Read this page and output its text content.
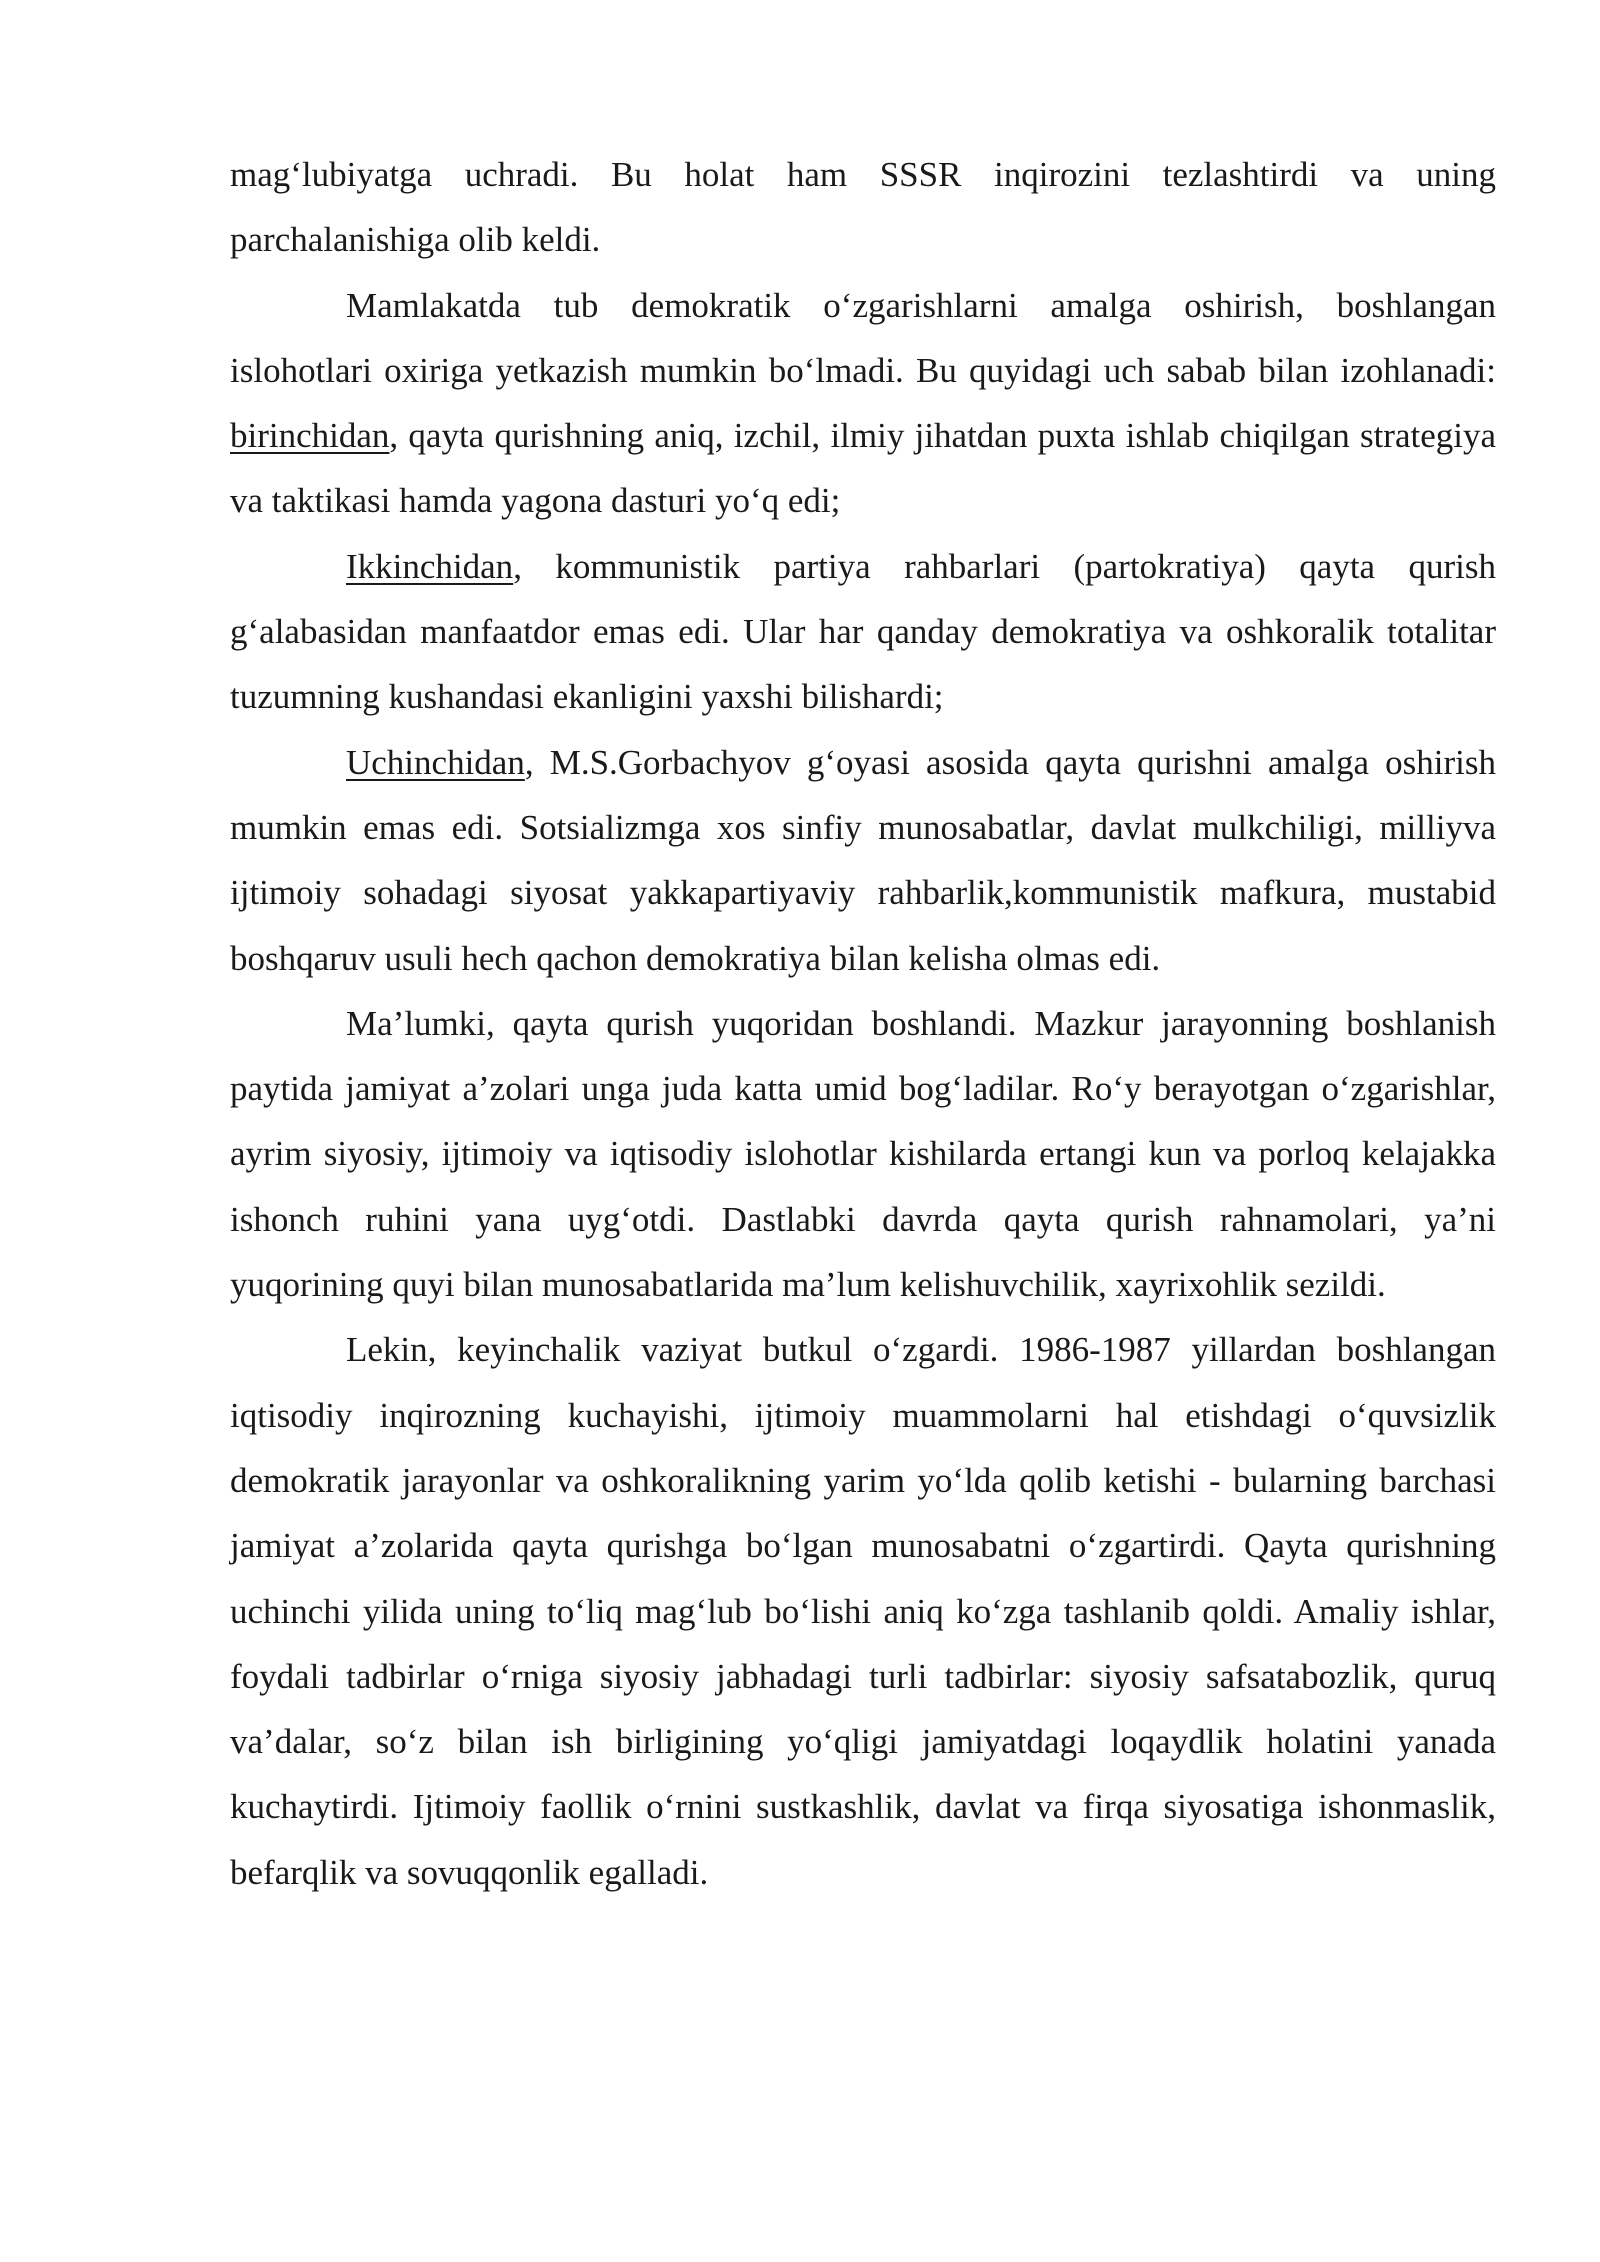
mag‘lubiyatga uchradi. Bu holat ham SSSR inqirozini tezlashtirdi va uning parchalanishiga olib keldi.

Mamlakatda tub demokratik o‘zgarishlarni amalga oshirish, boshlangan islohotlari oxiriga yetkazish mumkin bo‘lmadi. Bu quyidagi uch sabab bilan izohlanadi: birinchidan, qayta qurishning aniq, izchil, ilmiy jihatdan puxta ishlab chiqilgan strategiya va taktikasi hamda yagona dasturi yo‘q edi;

Ikkinchidan, kommunistik partiya rahbarlari (partokratiya) qayta qurish g‘alabasidan manfaatdor emas edi. Ular har qanday demokratiya va oshkoralik totalitar tuzumning kushandasi ekanligini yaxshi bilishardi;

Uchinchidan, M.S.Gorbachyov g‘oyasi asosida qayta qurishni amalga oshirish mumkin emas edi. Sotsializmga xos sinfiy munosabatlar, davlat mulkchiligi, milliyva ijtimoiy sohadagi siyosat yakkapartiyaviy rahbarlik,kommunistik mafkura, mustabid boshqaruv usuli hech qachon demokratiya bilan kelisha olmas edi.

Ma’lumki, qayta qurish yuqoridan boshlandi. Mazkur jarayonning boshlanish paytida jamiyat a’zolari unga juda katta umid bog‘ladilar. Ro‘y berayotgan o‘zgarishlar, ayrim siyosiy, ijtimoiy va iqtisodiy islohotlar kishilarda ertangi kun va porloq kelajakka ishonch ruhini yana uyg‘otdi. Dastlabki davrda qayta qurish rahnamolari, ya’ni yuqorining quyi bilan munosabatlarida ma’lum kelishuvchilik, xayrixohlik sezildi.

Lekin, keyinchalik vaziyat butkul o‘zgardi. 1986-1987 yillardan boshlangan iqtisodiy inqirozning kuchayishi, ijtimoiy muammolarni hal etishdagi o‘quvsizlik demokratik jarayonlar va oshkoralikning yarim yo‘lda qolib ketishi - bularning barchasi jamiyat a’zolarida qayta qurishga bo‘lgan munosabatni o‘zgartirdi. Qayta qurishning uchinchi yilida uning to‘liq mag‘lub bo‘lishi aniq ko‘zga tashlanib qoldi. Amaliy ishlar, foydali tadbirlar o‘rniga siyosiy jabhadagi turli tadbirlar: siyosiy safsatabozlik, quruq va’dalar, so‘z bilan ish birligining yo‘qligi jamiyatdagi loqaydlik holatini yanada kuchaytirdi. Ijtimoiy faollik o‘rnini sustkashlik, davlat va firqa siyosatiga ishonmaslik, befarqlik va sovuqqonlik egalladi.
